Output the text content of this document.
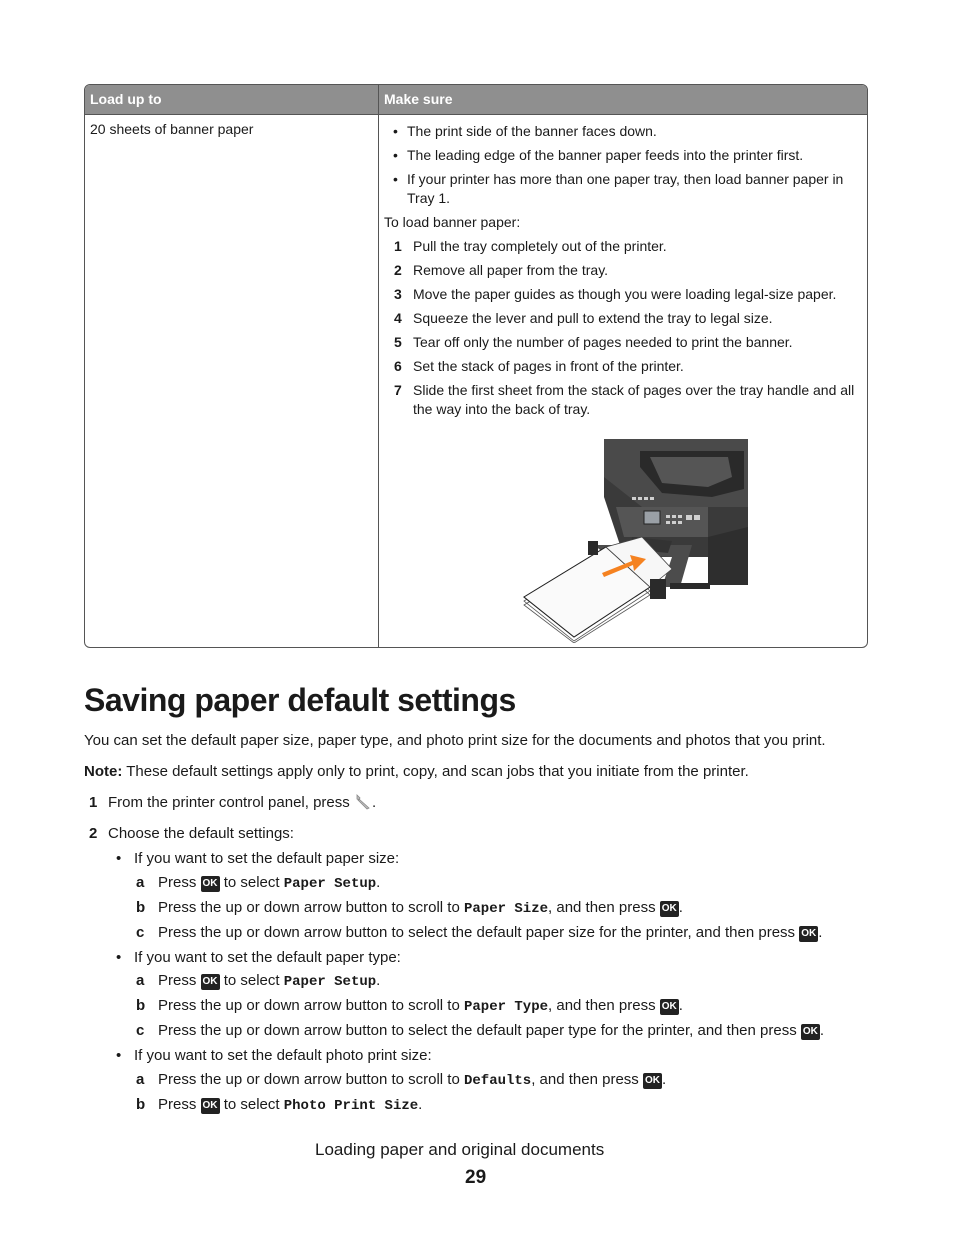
Load up to	Make sure
20 sheets of banner paper
•	The print side of the banner faces down.
• The leading edge of the banner paper feeds into the printer first.
• If your printer has more than one paper tray, then load banner paper in Tray 1.
To load banner paper:
1 Pull the tray completely out of the printer.
2 Remove all paper from the tray.
3 Move the paper guides as though you were loading legal-size paper.
4 Squeeze the lever and pull to extend the tray to legal size.
5 Tear off only the number of pages needed to print the banner.
6 Set the stack of pages in front of the printer.
7 Slide the first sheet from the stack of pages over the tray handle and all the way into the back of tray.
Saving paper default settings
You can set the default paper size, paper type, and photo print size for the documents and photos that you print.
Note: These default settings apply only to print, copy, and scan jobs that you initiate from the printer.
1 From the printer control panel, press .
2 Choose the default settings:
• If you want to set the default paper size:
a Press OK to select Paper Setup.
b Press the up or down arrow button to scroll to Paper Size, and then press OK .
c Press the up or down arrow button to select the default paper size for the printer, and then press OK .
• If you want to set the default paper type:
a Press OK to select Paper Setup.
b Press the up or down arrow button to scroll to Paper Type, and then press OK .
c Press the up or down arrow button to select the default paper type for the printer, and then press OK .
• If you want to set the default photo print size:
a Press the up or down arrow button to scroll to Defaults, and then press OK .
b Press OK to select Photo Print Size.
Loading paper and original documents
29
